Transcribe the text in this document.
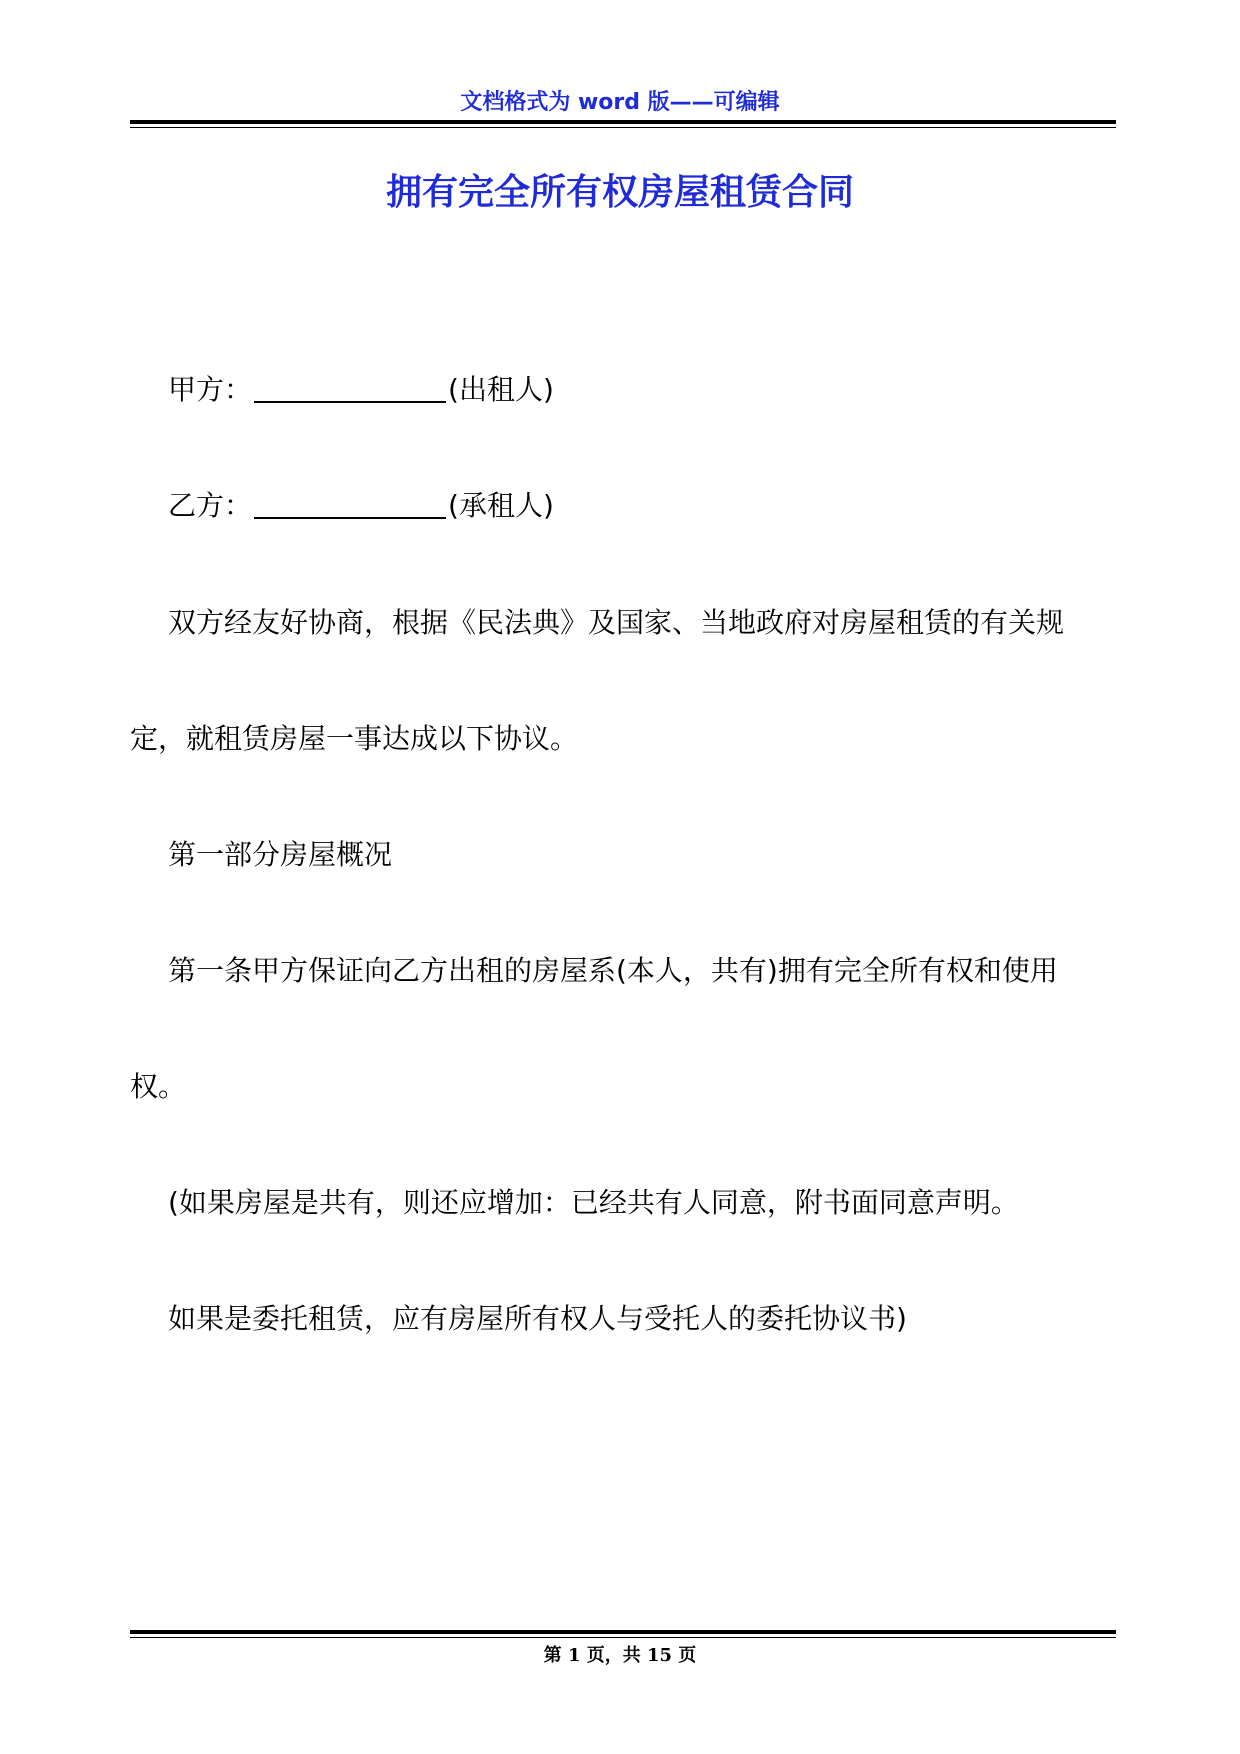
文档格式为 word 版——可编辑
拥有完全所有权房屋租赁合同
甲方：	(出租人)
乙方：	(承租人)
双方经友好协商，根据《民法典》及国家、当地政府对房屋租赁的有关规
定，就租赁房屋一事达成以下协议。
第一部分房屋概况
第一条甲方保证向乙方出租的房屋系(本人，共有)拥有完全所有权和使用
权。
(如果房屋是共有，则还应增加：已经共有人同意，附书面同意声明。
如果是委托租赁，应有房屋所有权人与受托人的委托协议书)
第 1 页，共 15 页
